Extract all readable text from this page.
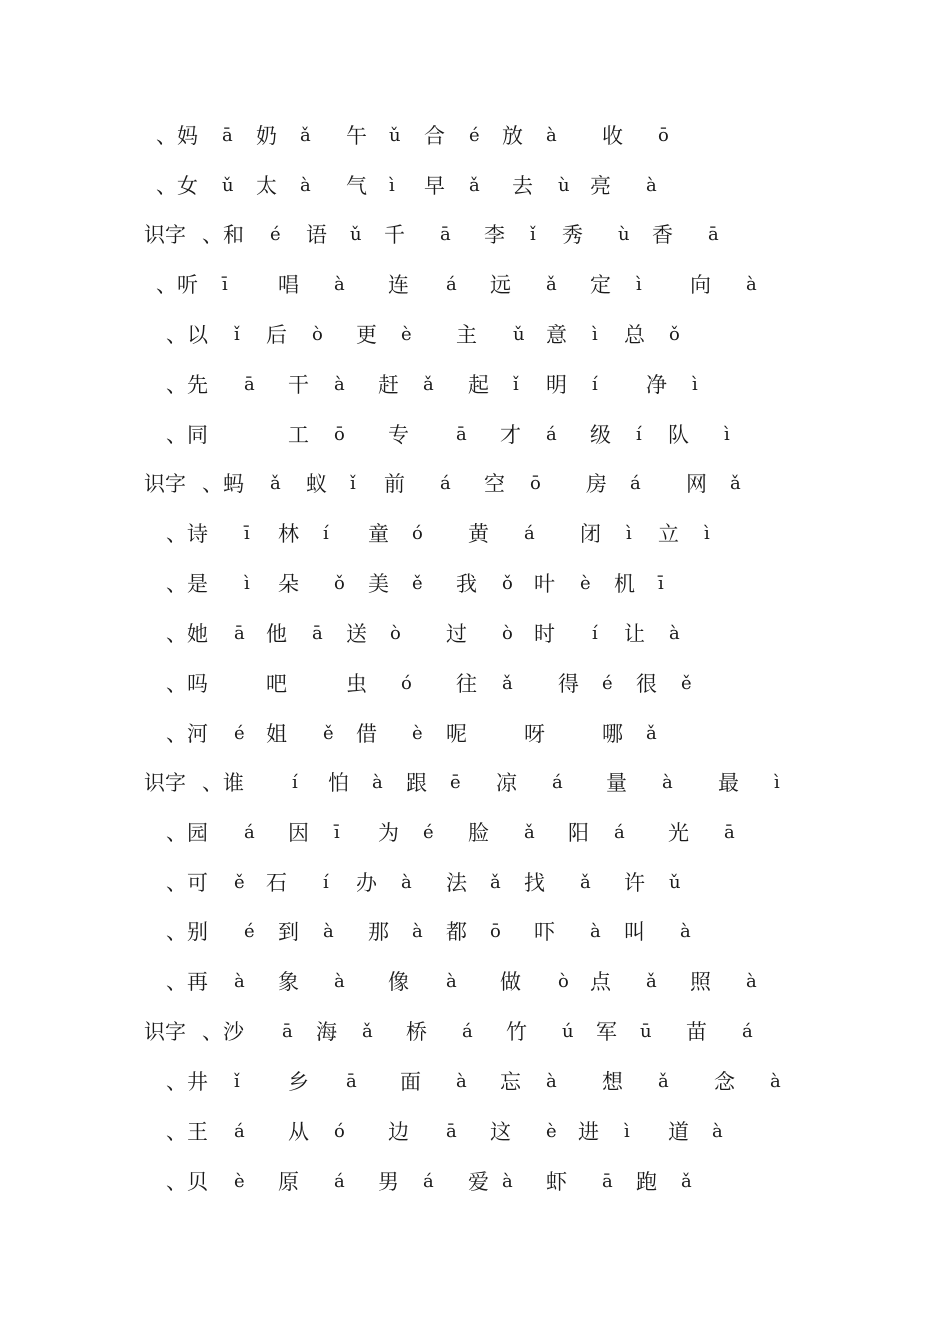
、妈 ā 奶 ǎ 午 ǔ 合 é 放 à 收 ō
、女 ǔ 太 à 气 ì 早 ǎ 去 ù 亮 à
识字 、和 é 语 ǔ 千 ā 李 ǐ 秀 ù 香 ā
、听 ī 唱 à 连 á 远 ǎ 定 ì 向 à
、以 ǐ 后 ò 更 è 主 ǔ 意 ì 总 ǒ
、先 ā 干 à 赶 ǎ 起 ǐ 明 í 净 ì
、同	工 ō 专	ā 才 á 级 í 队 ì
识字 、蚂 ǎ 蚁 ǐ 前 á 空 ō 房 á 网 ǎ
、诗 ī 林 í 童 ó 黄 á 闭 ì 立 ì
、是 ì 朵 ǒ 美 ě 我 ǒ 叶 è 机 ī
、她 ā 他 ā 送 ò 过 ò 时 í 让 à
、吗	吧	虫 ó 往 ǎ 得 é 很 ě
、河 é 姐 ě 借 è 呢	呀	哪 ǎ
识字 、谁	í 怕 à 跟 ē 凉 á 量 à 最 ì
、园 á 因 ī 为 é 脸 ǎ 阳 á 光 ā
、可 ě 石 í 办 à 法 ǎ 找 ǎ 许 ǔ
、别 é 到 à 那 à 都 ō 吓 à 叫 à
、再 à 象 à 像 à 做 ò 点 ǎ 照 à
识字 、沙 ā 海 ǎ 桥 á 竹 ú 军 ū 苗 á
、井 ǐ 乡 ā 面 à 忘 à 想 ǎ 念 à
、王 á 从 ó 边 ā 这 è 进 ì 道 à
、贝 è 原 á 男 á 爱 à 虾 ā 跑 ǎ
